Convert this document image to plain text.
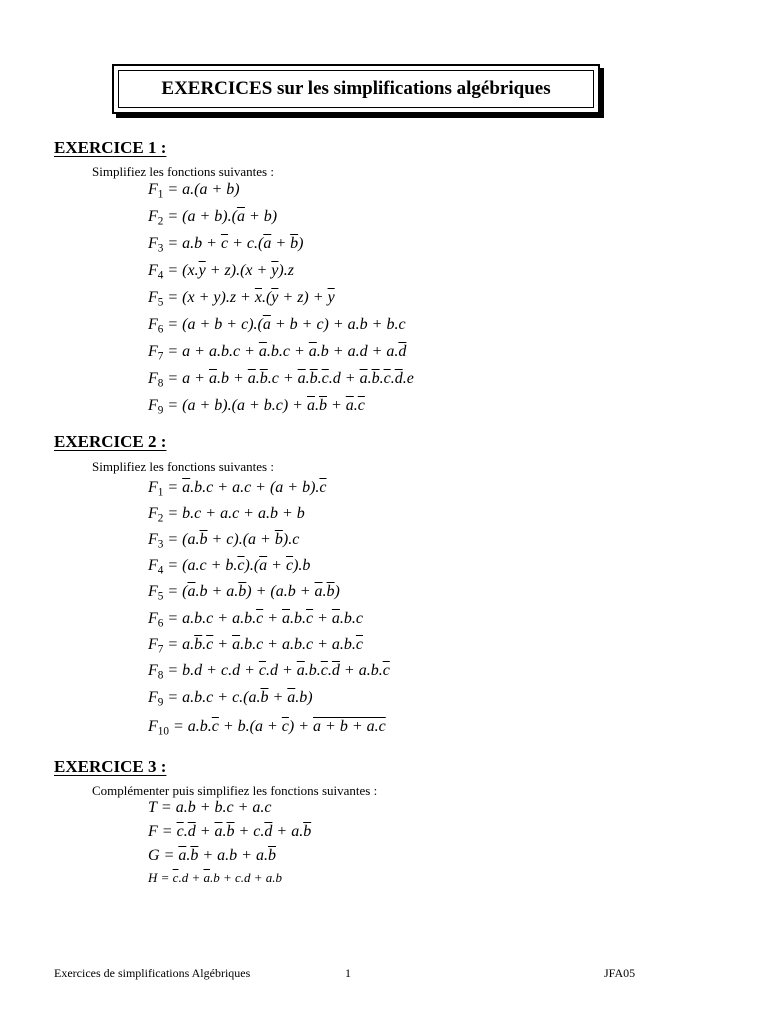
EXERCICES sur les simplifications algébriques
EXERCICE 1 :
Simplifiez les fonctions suivantes :
$F_1 = a.(a + b)$
$F_2 = (a + b).(\overline{a} + b)$
$F_3 = a.b + \overline{c} + c.(\overline{a} + \overline{b})$
$F_4 = (x.\overline{y} + z).(x + \overline{y}).z$
$F_5 = (x + y).z + \overline{x}.(\overline{y} + z) + \overline{y}$
$F_6 = (a + b + c).(\overline{a} + b + c) + a.b + b.c$
$F_7 = a + a.b.c + \overline{a}.b.c + \overline{a}.b + a.d + a.\overline{d}$
$F_8 = a + \overline{a}.b + \overline{a}.\overline{b}.c + \overline{a}.\overline{b}.\overline{c}.d + \overline{a}.\overline{b}.\overline{c}.\overline{d}.e$
$F_9 = (a + b).(a + b.c) + \overline{a}.\overline{b} + \overline{a}.\overline{c}$
EXERCICE 2 :
Simplifiez les fonctions suivantes :
$F_1 = \overline{a}.b.c + a.c + (a + b).\overline{c}$
$F_2 = b.c + a.c + a.b + b$
$F_3 = (a.\overline{b} + c).(a + \overline{b}).c$
$F_4 = (a.c + b.\overline{c}).(\overline{a} + \overline{c}).b$
$F_5 = (\overline{a}.b + a.\overline{b}) + (a.b + \overline{a}.\overline{b})$
$F_6 = a.b.c + a.b.\overline{c} + \overline{a}.b.\overline{c} + \overline{a}.b.c$
$F_7 = a.\overline{b}.\overline{c} + \overline{a}.b.c + a.b.c + a.b.\overline{c}$
$F_8 = b.d + c.d + \overline{c}.d + \overline{a}.b.\overline{c}.\overline{d} + a.b.\overline{c}$
$F_9 = a.b.c + c.(a.\overline{b} + \overline{a}.b)$
$F_{10} = a.b.\overline{c} + b.(a + \overline{c}) + a + b + a.c$
EXERCICE 3 :
Complémenter puis simplifiez les fonctions suivantes :
T = a.b + b.c + a.c
$F = \overline{c}.\overline{d} + \overline{a}.\overline{b} + c.\overline{d} + a.\overline{b}$
$G = \overline{a}.\overline{b} + a.b + a.\overline{b}$
$H = \overline{c}.d + \overline{a}.b + c.d + a.b$
Exercices de simplifications Algébriques	1	JFA05
